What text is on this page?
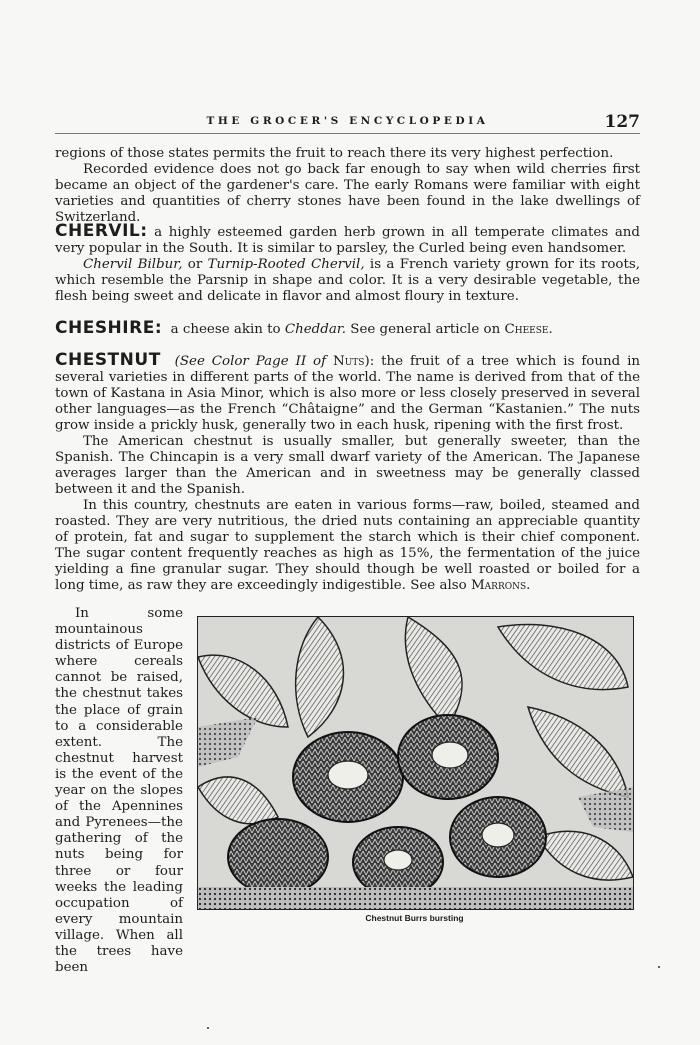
THE GROCER'S ENCYCLOPEDIA	127

regions of those states permits the fruit to reach there its very highest perfection.

Recorded evidence does not go back far enough to say when wild cherries first became an object of the gardener's care. The early Romans were familiar with eight varieties and quantities of cherry stones have been found in the lake dwellings of Switzerland.

CHERVIL: a highly esteemed garden herb grown in all temperate climates and very popular in the South. It is similar to parsley, the Curled being even handsomer.

Chervil Bilbur, or Turnip-Rooted Chervil, is a French variety grown for its roots, which resemble the Parsnip in shape and color. It is a very desirable vegetable, the flesh being sweet and delicate in flavor and almost floury in texture.

CHESHIRE: a cheese akin to Cheddar. See general article on Cheese.

CHESTNUT (See Color Page II of Nuts): the fruit of a tree which is found in several varieties in different parts of the world. The name is derived from that of the town of Kastana in Asia Minor, which is also more or less closely preserved in several other languages—as the French “Châtaigne” and the German “Kastanien.” The nuts grow inside a prickly husk, generally two in each husk, ripening with the first frost.

The American chestnut is usually smaller, but generally sweeter, than the Spanish. The Chincapin is a very small dwarf variety of the American. The Japanese averages larger than the American and in sweetness may be generally classed between it and the Spanish.

In this country, chestnuts are eaten in various forms—raw, boiled, steamed and roasted. They are very nutritious, the dried nuts containing an appreciable quantity of protein, fat and sugar to supplement the starch which is their chief component. The sugar content frequently reaches as high as 15%, the fermentation of the juice yielding a fine granular sugar. They should though be well roasted or boiled for a long time, as raw they are exceedingly indigestible. See also Marrons.

In some mountainous districts of Europe where cereals cannot be raised, the chestnut takes the place of grain to a considerable extent. The chestnut harvest is the event of the year on the slopes of the Apennines and Pyrenees—the gathering of the nuts being for three or four weeks the leading occupation of every mountain village. When all the trees have been

Chestnut Burrs bursting
